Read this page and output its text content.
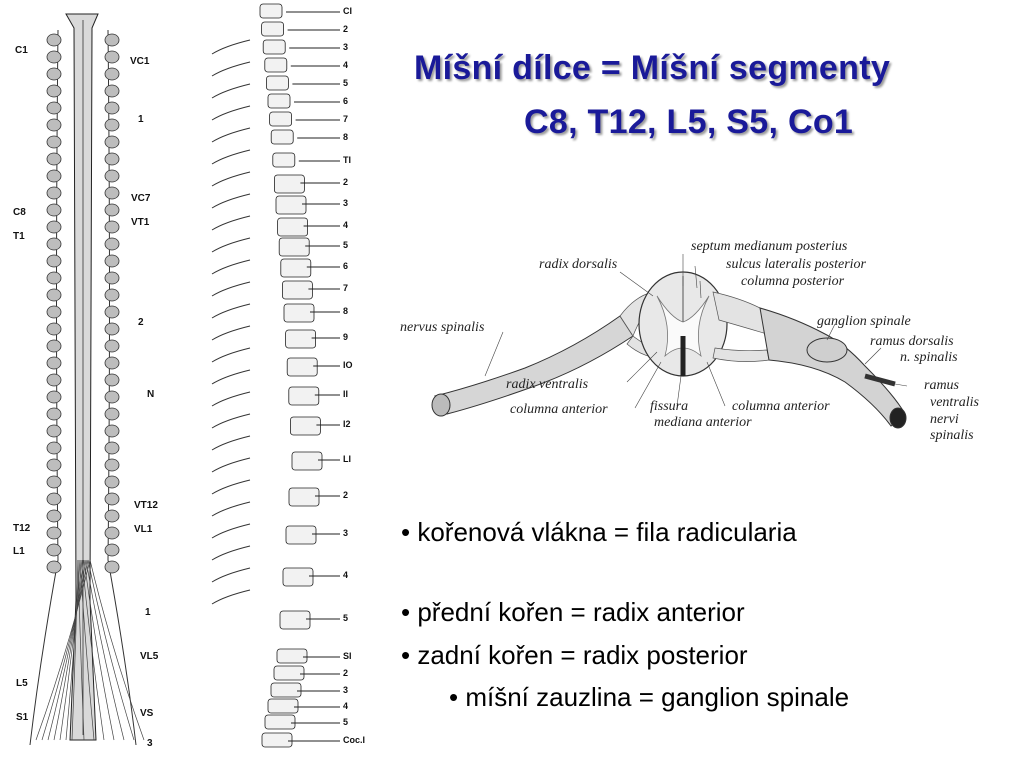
C1
C8
T1
T12
L1
L5
S1
VC1
1
VC7
VT1
2
N
VT12
VL1
1
VL5
VS
3
CI
2
3
4
5
6
7
8
TI
2
3
4
5
6
7
8
9
IO
II
I2
LI
2
3
4
5
SI
2
3
4
5
Coc.I
Míšní dílce = Míšní segmenty
C8, T12, L5, S5, Co1
septum medianum posterius
sulcus lateralis posterior
columna posterior
radix dorsalis
nervus spinalis	ganglion spinale
ramus dorsalis
n. spinalis
radix ventralis
columna anterior	fissura
mediana anterior
columna anterior
ramus
ventralis
nervi
spinalis
• kořenová vlákna = fila radicularia
• přední kořen = radix anterior
• zadní kořen = radix posterior
• míšní zauzlina = ganglion spinale
